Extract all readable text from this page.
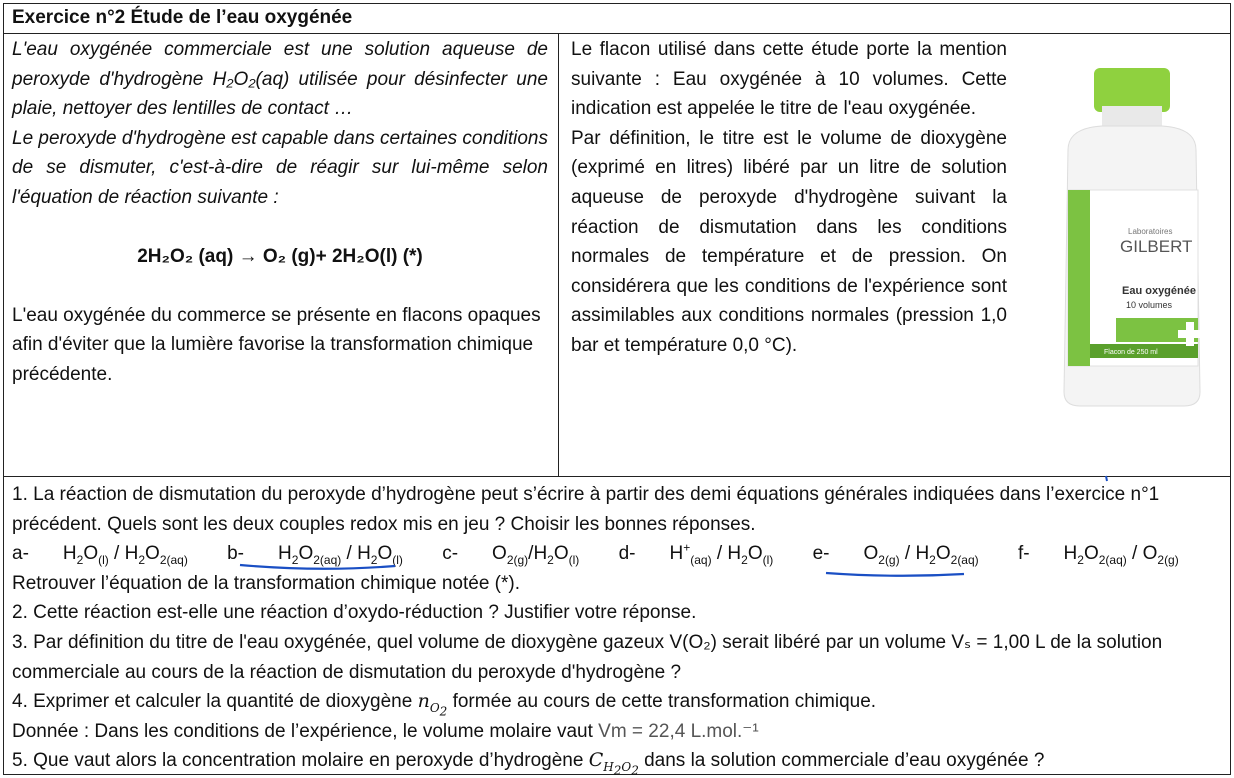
Exercice n°2 Étude de l’eau oxygénée

L'eau oxygénée commerciale est une solution aqueuse de peroxyde d'hydrogène H₂O₂(aq) utilisée pour désinfecter une plaie, nettoyer des lentilles de contact …

Le peroxyde d'hydrogène est capable dans certaines conditions de se dismuter, c'est-à-dire de réagir sur lui-même selon l'équation de réaction suivante :

2H₂O₂ (aq) → O₂ (g)+ 2H₂O(l) (*)

L'eau oxygénée du commerce se présente en flacons opaques afin d'éviter que la lumière favorise la transformation chimique précédente.

Le flacon utilisé dans cette étude porte la mention suivante : Eau oxygénée à 10 volumes. Cette indication est appelée le titre de l'eau oxygénée.

Par définition, le titre est le volume de dioxygène (exprimé en litres) libéré par un litre de solution aqueuse de peroxyde d'hydrogène suivant la réaction de dismutation dans les conditions normales de température et de pression. On considérera que les conditions de l'expérience sont assimilables aux conditions normales (pression 1,0 bar et température 0,0 °C).

Laboratoires
GILBERT
Eau oxygénée
10 volumes
Flacon de 250 ml

1. La réaction de dismutation du peroxyde d’hydrogène peut s’écrire à partir des demi équations générales indiquées dans l’exercice n°1 précédent. Quels sont les deux couples redox mis en jeu ? Choisir les bonnes réponses.

$a-H_2O_{(l)} / H_2O_{2(aq)}$ $b-H_2O_{2(aq)} / H_2O_{(l)}$ $c-O_{2(g)}/H_2O_{(l)}$ $d-H^+_{(aq)} / H_2O_{(l)}$ $e-O_{2(g)} / H_2O_{2(aq)}$ $f-H_2O_{2(aq)} / O_{2(g)}$

Retrouver l’équation de la transformation chimique notée (*).

2. Cette réaction est-elle une réaction d’oxydo-réduction ? Justifier votre réponse.

3. Par définition du titre de l'eau oxygénée, quel volume de dioxygène gazeux V(O₂) serait libéré par un volume Vₛ = 1,00 L de la solution commerciale au cours de la réaction de dismutation du peroxyde d'hydrogène ?

4. Exprimer et calculer la quantité de dioxygène $n_{O_2}$ formée au cours de cette transformation chimique.

Donnée : Dans les conditions de l’expérience, le volume molaire vaut Vm = 22,4 L.mol.⁻¹

5. Que vaut alors la concentration molaire en peroxyde d’hydrogène $C_{H_2O_2}$ dans la solution commerciale d’eau oxygénée ?
